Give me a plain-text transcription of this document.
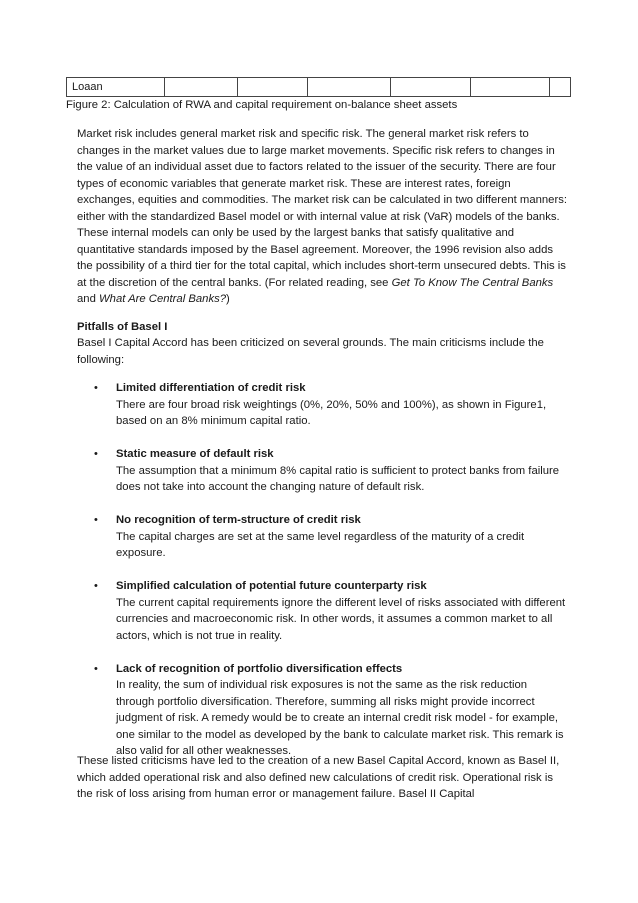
Loaan						
Figure 2: Calculation of RWA and capital requirement on-balance sheet assets

Market risk includes general market risk and specific risk. The general market risk refers to changes in the market values due to large market movements. Specific risk refers to changes in the value of an individual asset due to factors related to the issuer of the security. There are four types of economic variables that generate market risk. These are interest rates, foreign exchanges, equities and commodities. The market risk can be calculated in two different manners: either with the standardized Basel model or with internal value at risk (VaR) models of the banks. These internal models can only be used by the largest banks that satisfy qualitative and quantitative standards imposed by the Basel agreement. Moreover, the 1996 revision also adds the possibility of a third tier for the total capital, which includes short-term unsecured debts. This is at the discretion of the central banks. (For related reading, see Get To Know The Central Banks and What Are Central Banks?)

Pitfalls of Basel I
Basel I Capital Accord has been criticized on several grounds. The main criticisms include the following:
• Limited differentiation of credit risk
There are four broad risk weightings (0%, 20%, 50% and 100%), as shown in Figure1, based on an 8% minimum capital ratio.
• Static measure of default risk
The assumption that a minimum 8% capital ratio is sufficient to protect banks from failure does not take into account the changing nature of default risk.
• No recognition of term-structure of credit risk
The capital charges are set at the same level regardless of the maturity of a credit exposure.
• Simplified calculation of potential future counterparty risk
The current capital requirements ignore the different level of risks associated with different currencies and macroeconomic risk. In other words, it assumes a common market to all actors, which is not true in reality.
• Lack of recognition of portfolio diversification effects
In reality, the sum of individual risk exposures is not the same as the risk reduction through portfolio diversification. Therefore, summing all risks might provide incorrect judgment of risk. A remedy would be to create an internal credit risk model - for example, one similar to the model as developed by the bank to calculate market risk. This remark is also valid for all other weaknesses.
These listed criticisms have led to the creation of a new Basel Capital Accord, known as Basel II, which added operational risk and also defined new calculations of credit risk. Operational risk is the risk of loss arising from human error or management failure. Basel II Capital
